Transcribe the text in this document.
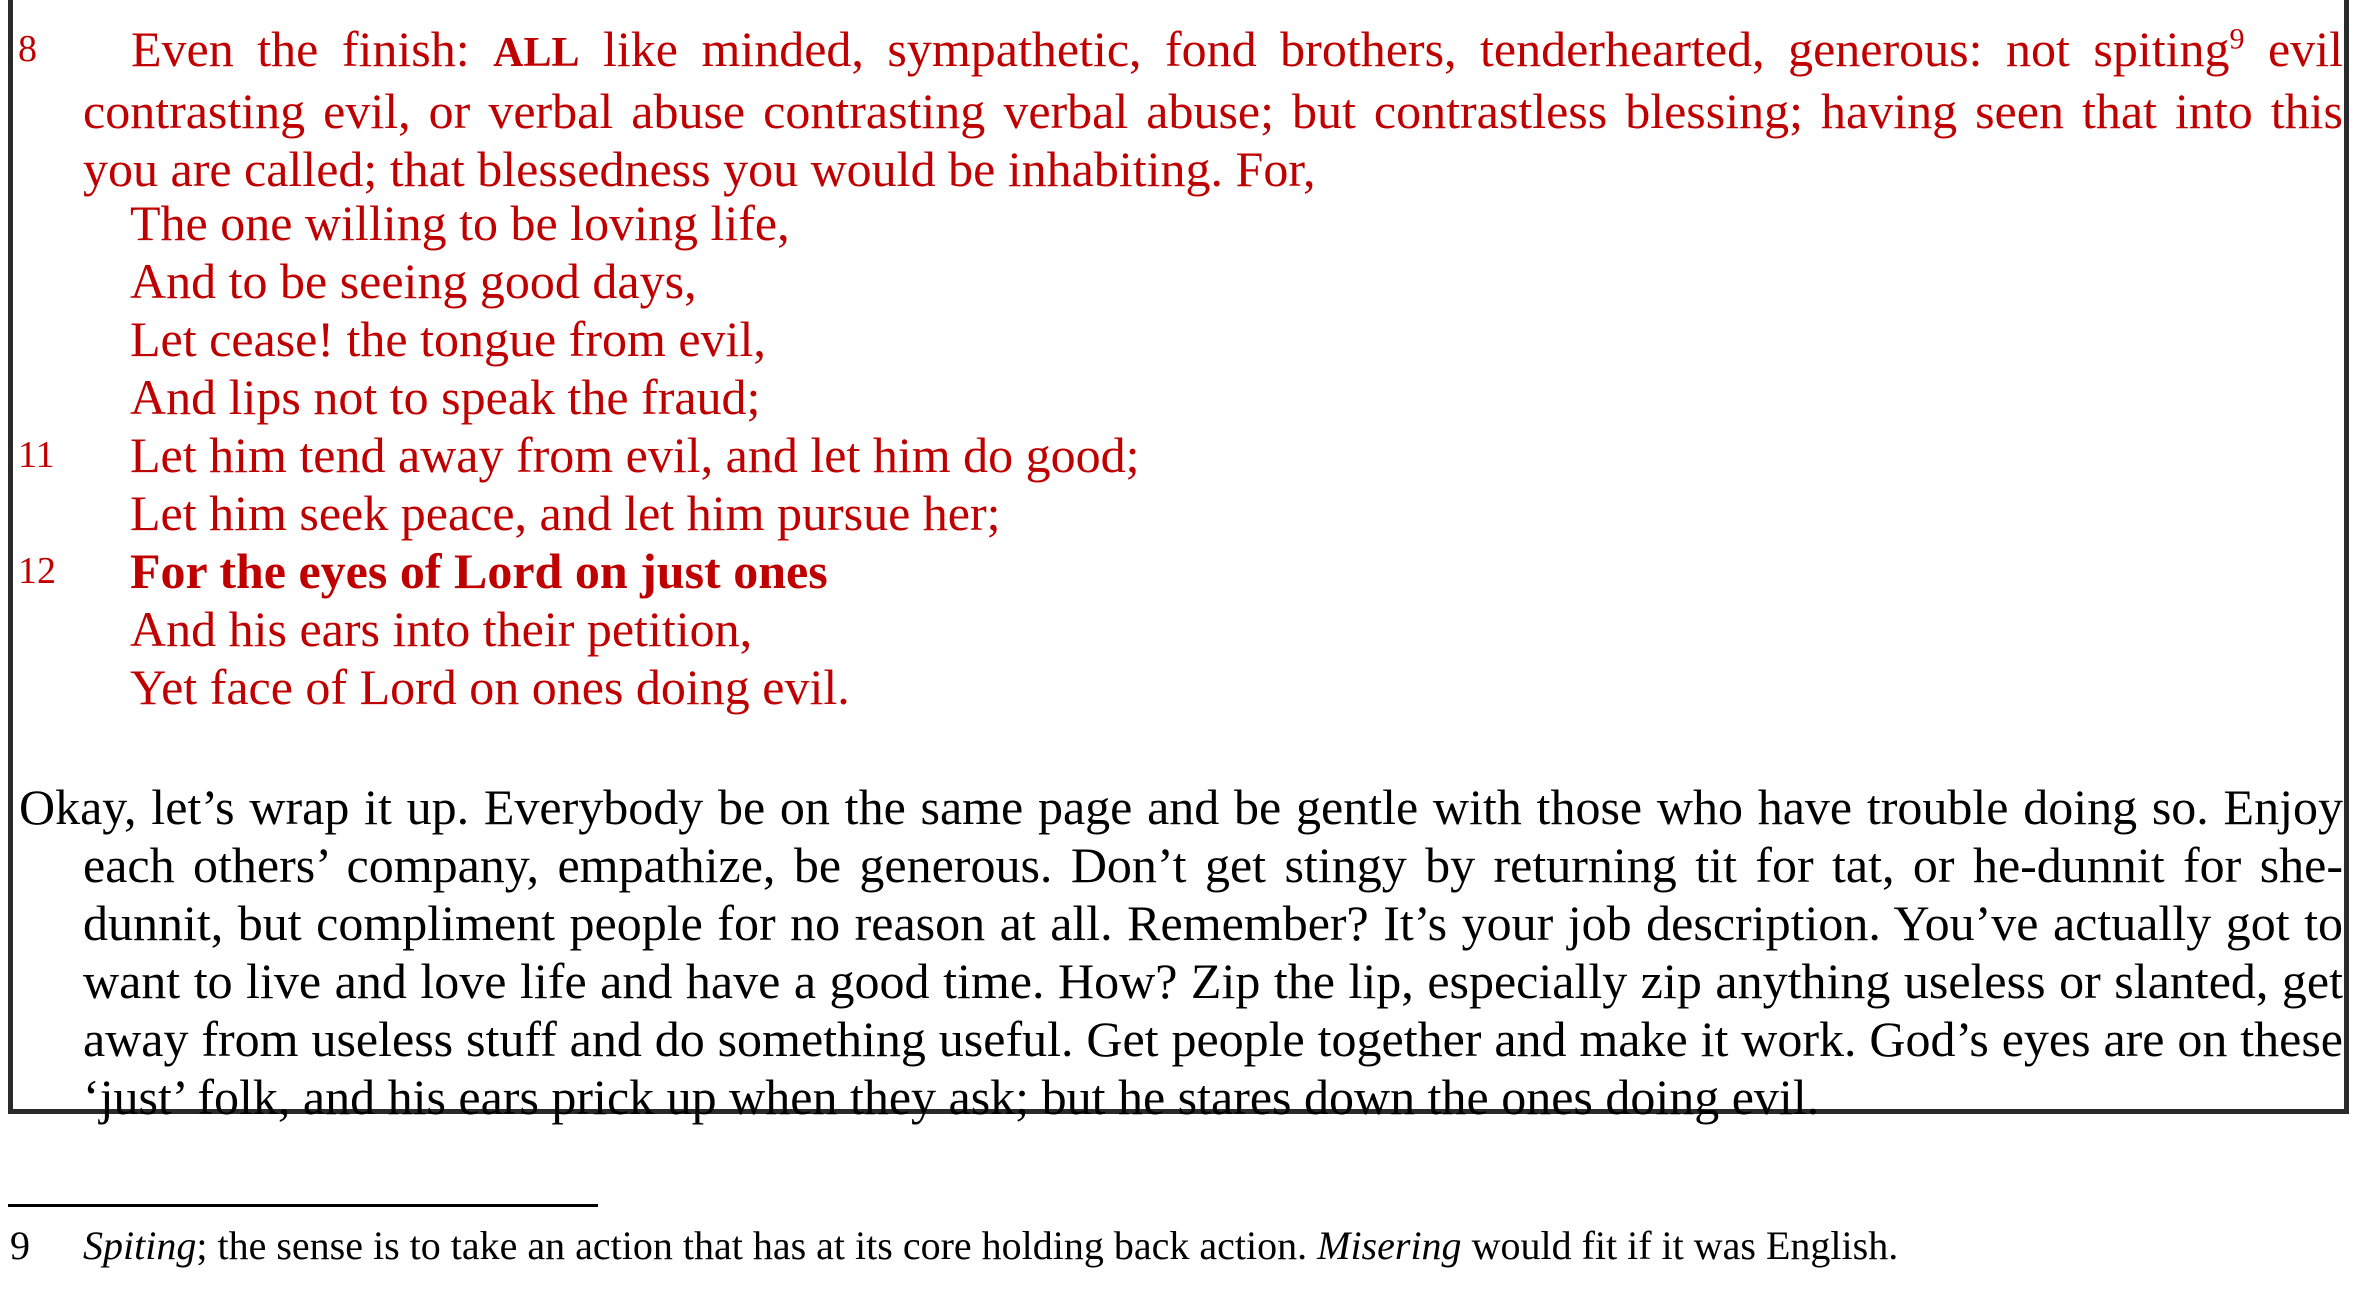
8
11
12
Even the finish: ALL like minded, sympathetic, fond brothers, tenderhearted, generous: not spiting$^9$ evil contrasting evil, or verbal abuse contrasting verbal abuse; but contrastless blessing; having seen that into this you are called; that blessedness you would be inhabiting. For,
The one willing to be loving life,
And to be seeing good days,
Let cease! the tongue from evil,
And lips not to speak the fraud;
Let him tend away from evil, and let him do good;
Let him seek peace, and let him pursue her;
For the eyes of Lord on just ones
And his ears into their petition,
Yet face of Lord on ones doing evil.
Okay, let’s wrap it up. Everybody be on the same page and be gentle with those who have trouble doing so. Enjoy each others’ company, empathize, be generous. Don’t get stingy by returning tit for tat, or he-dunnit for she-dunnit, but compliment people for no reason at all. Remember? It’s your job description. You’ve actually got to want to live and love life and have a good time. How? Zip the lip, especially zip anything useless or slanted, get away from useless stuff and do something useful. Get people together and make it work. God’s eyes are on these ‘just’ folk, and his ears prick up when they ask; but he stares down the ones doing evil.
9 Spiting; the sense is to take an action that has at its core holding back action. Misering would fit if it was English.
